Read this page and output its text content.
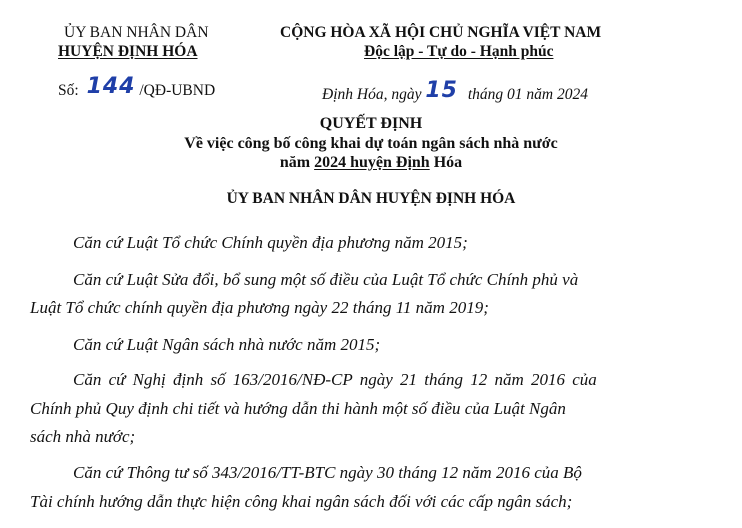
ỦY BAN NHÂN DÂN
HUYỆN ĐỊNH HÓA
CỘNG HÒA XÃ HỘI CHỦ NGHĨA VIỆT NAM
Độc lập - Tự do - Hạnh phúc
Số: 144 /QĐ-UBND	Định Hóa, ngày 15 tháng 01 năm 2024
QUYẾT ĐỊNH
Về việc công bố công khai dự toán ngân sách nhà nước
năm 2024 huyện Định Hóa
ỦY BAN NHÂN DÂN HUYỆN ĐỊNH HÓA
Căn cứ Luật Tổ chức Chính quyền địa phương năm 2015;
Căn cứ Luật Sửa đổi, bổ sung một số điều của Luật Tổ chức Chính phủ và
Luật Tổ chức chính quyền địa phương ngày 22 tháng 11 năm 2019;
Căn cứ Luật Ngân sách nhà nước năm 2015;
Căn cứ Nghị định số 163/2016/NĐ-CP ngày 21 tháng 12 năm 2016 của
Chính phủ Quy định chi tiết và hướng dẫn thi hành một số điều của Luật Ngân
sách nhà nước;
Căn cứ Thông tư số 343/2016/TT-BTC ngày 30 tháng 12 năm 2016 của Bộ
Tài chính hướng dẫn thực hiện công khai ngân sách đối với các cấp ngân sách;
